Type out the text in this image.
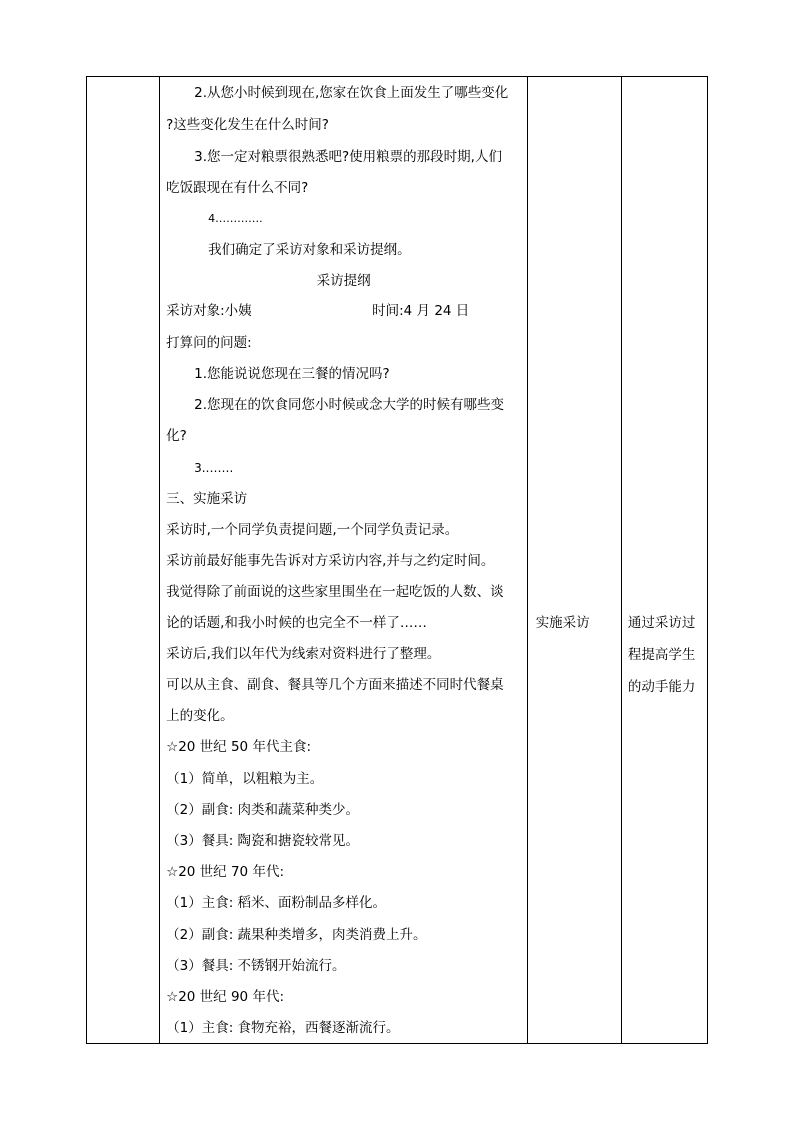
2.从您小时候到现在,您家在饮食上面发生了哪些变化
?这些变化发生在什么时间?
3.您一定对粮票很熟悉吧?使用粮票的那段时期,人们
吃饭跟现在有什么不同?
4………….
我们确定了采访对象和采访提纲。
采访提纲
采访对象:小姨	时间:4 月 24 日
打算问的问题:
1.您能说说您现在三餐的情况吗?
2.您现在的饮食同您小时候或念大学的时候有哪些变
化?
3.…….
三、实施采访
采访时,一个同学负责提问题,一个同学负责记录。
采访前最好能事先告诉对方采访内容,并与之约定时间。
我觉得除了前面说的这些家里围坐在一起吃饭的人数、谈
论的话题,和我小时候的也完全不一样了……
采访后,我们以年代为线索对资料进行了整理。
可以从主食、副食、餐具等几个方面来描述不同时代餐桌
上的变化。
☆20 世纪 50 年代主食:
（1）简单，以粗粮为主。
（2）副食: 肉类和蔬菜种类少。
（3）餐具: 陶瓷和搪瓷较常见。
☆20 世纪 70 年代:
（1）主食: 稻米、面粉制品多样化。
（2）副食: 蔬果种类增多，肉类消费上升。
（3）餐具: 不锈钢开始流行。
☆20 世纪 90 年代:
（1）主食: 食物充裕，西餐逐渐流行。

实施采访	通过采访过
程提高学生
的动手能力
